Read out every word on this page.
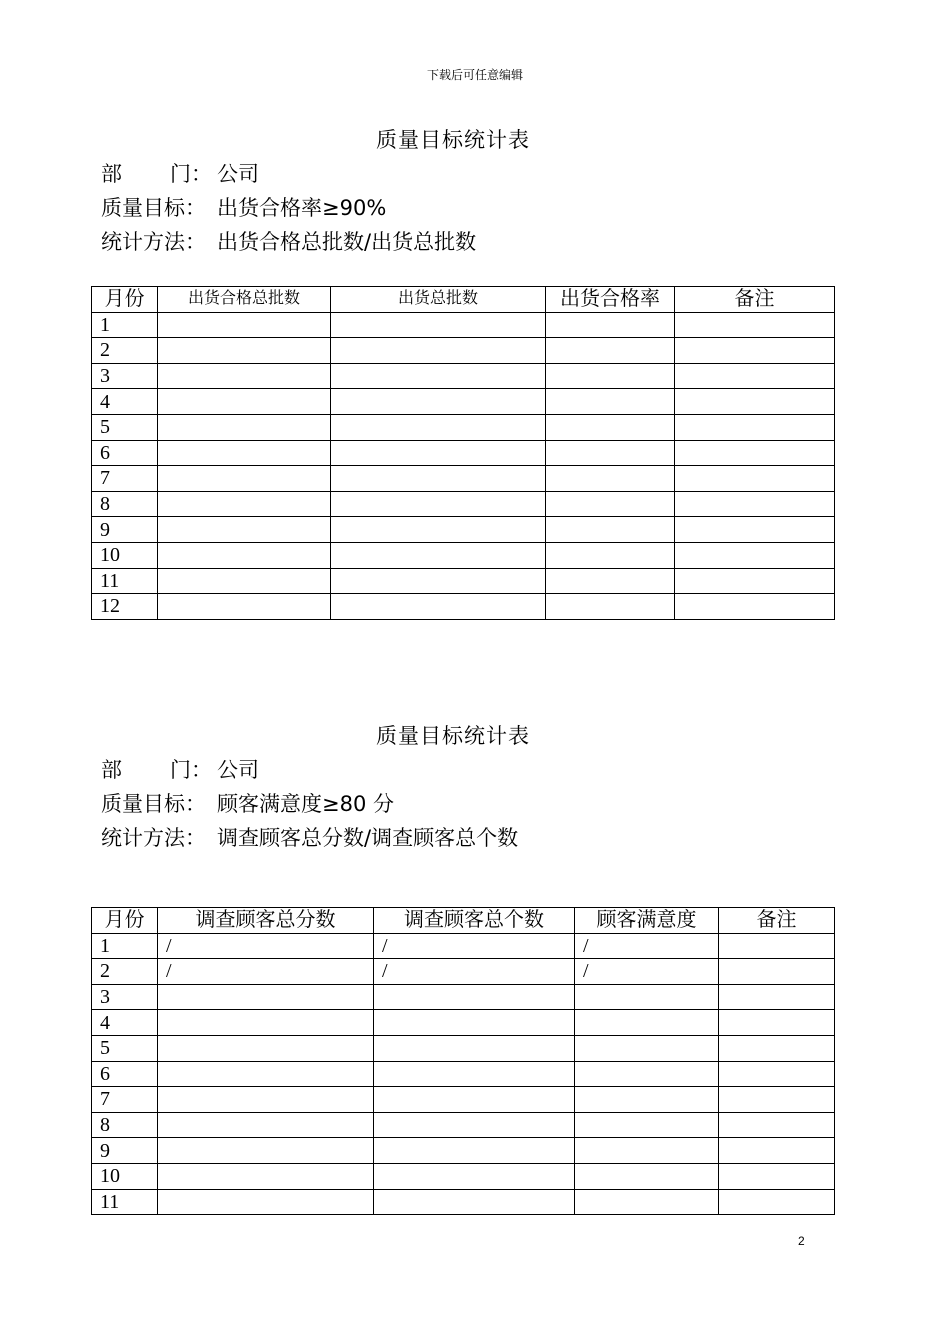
下载后可任意编辑
质量目标统计表
部 门： 公司
质量目标： 出货合格率≥90%
统计方法： 出货合格总批数/出货总批数
月份	出货合格总批数	出货总批数	出货合格率	备注
1				
2				
3				
4				
5				
6				
7				
8				
9				
10				
11				
12				
质量目标统计表
部 门： 公司
质量目标： 顾客满意度≥80 分
统计方法： 调查顾客总分数/调查顾客总个数
月份	调查顾客总分数	调查顾客总个数	顾客满意度	备注
1	/	/	/	
2	/	/	/	
3				
4				
5				
6				
7				
8				
9				
10				
11				
2
